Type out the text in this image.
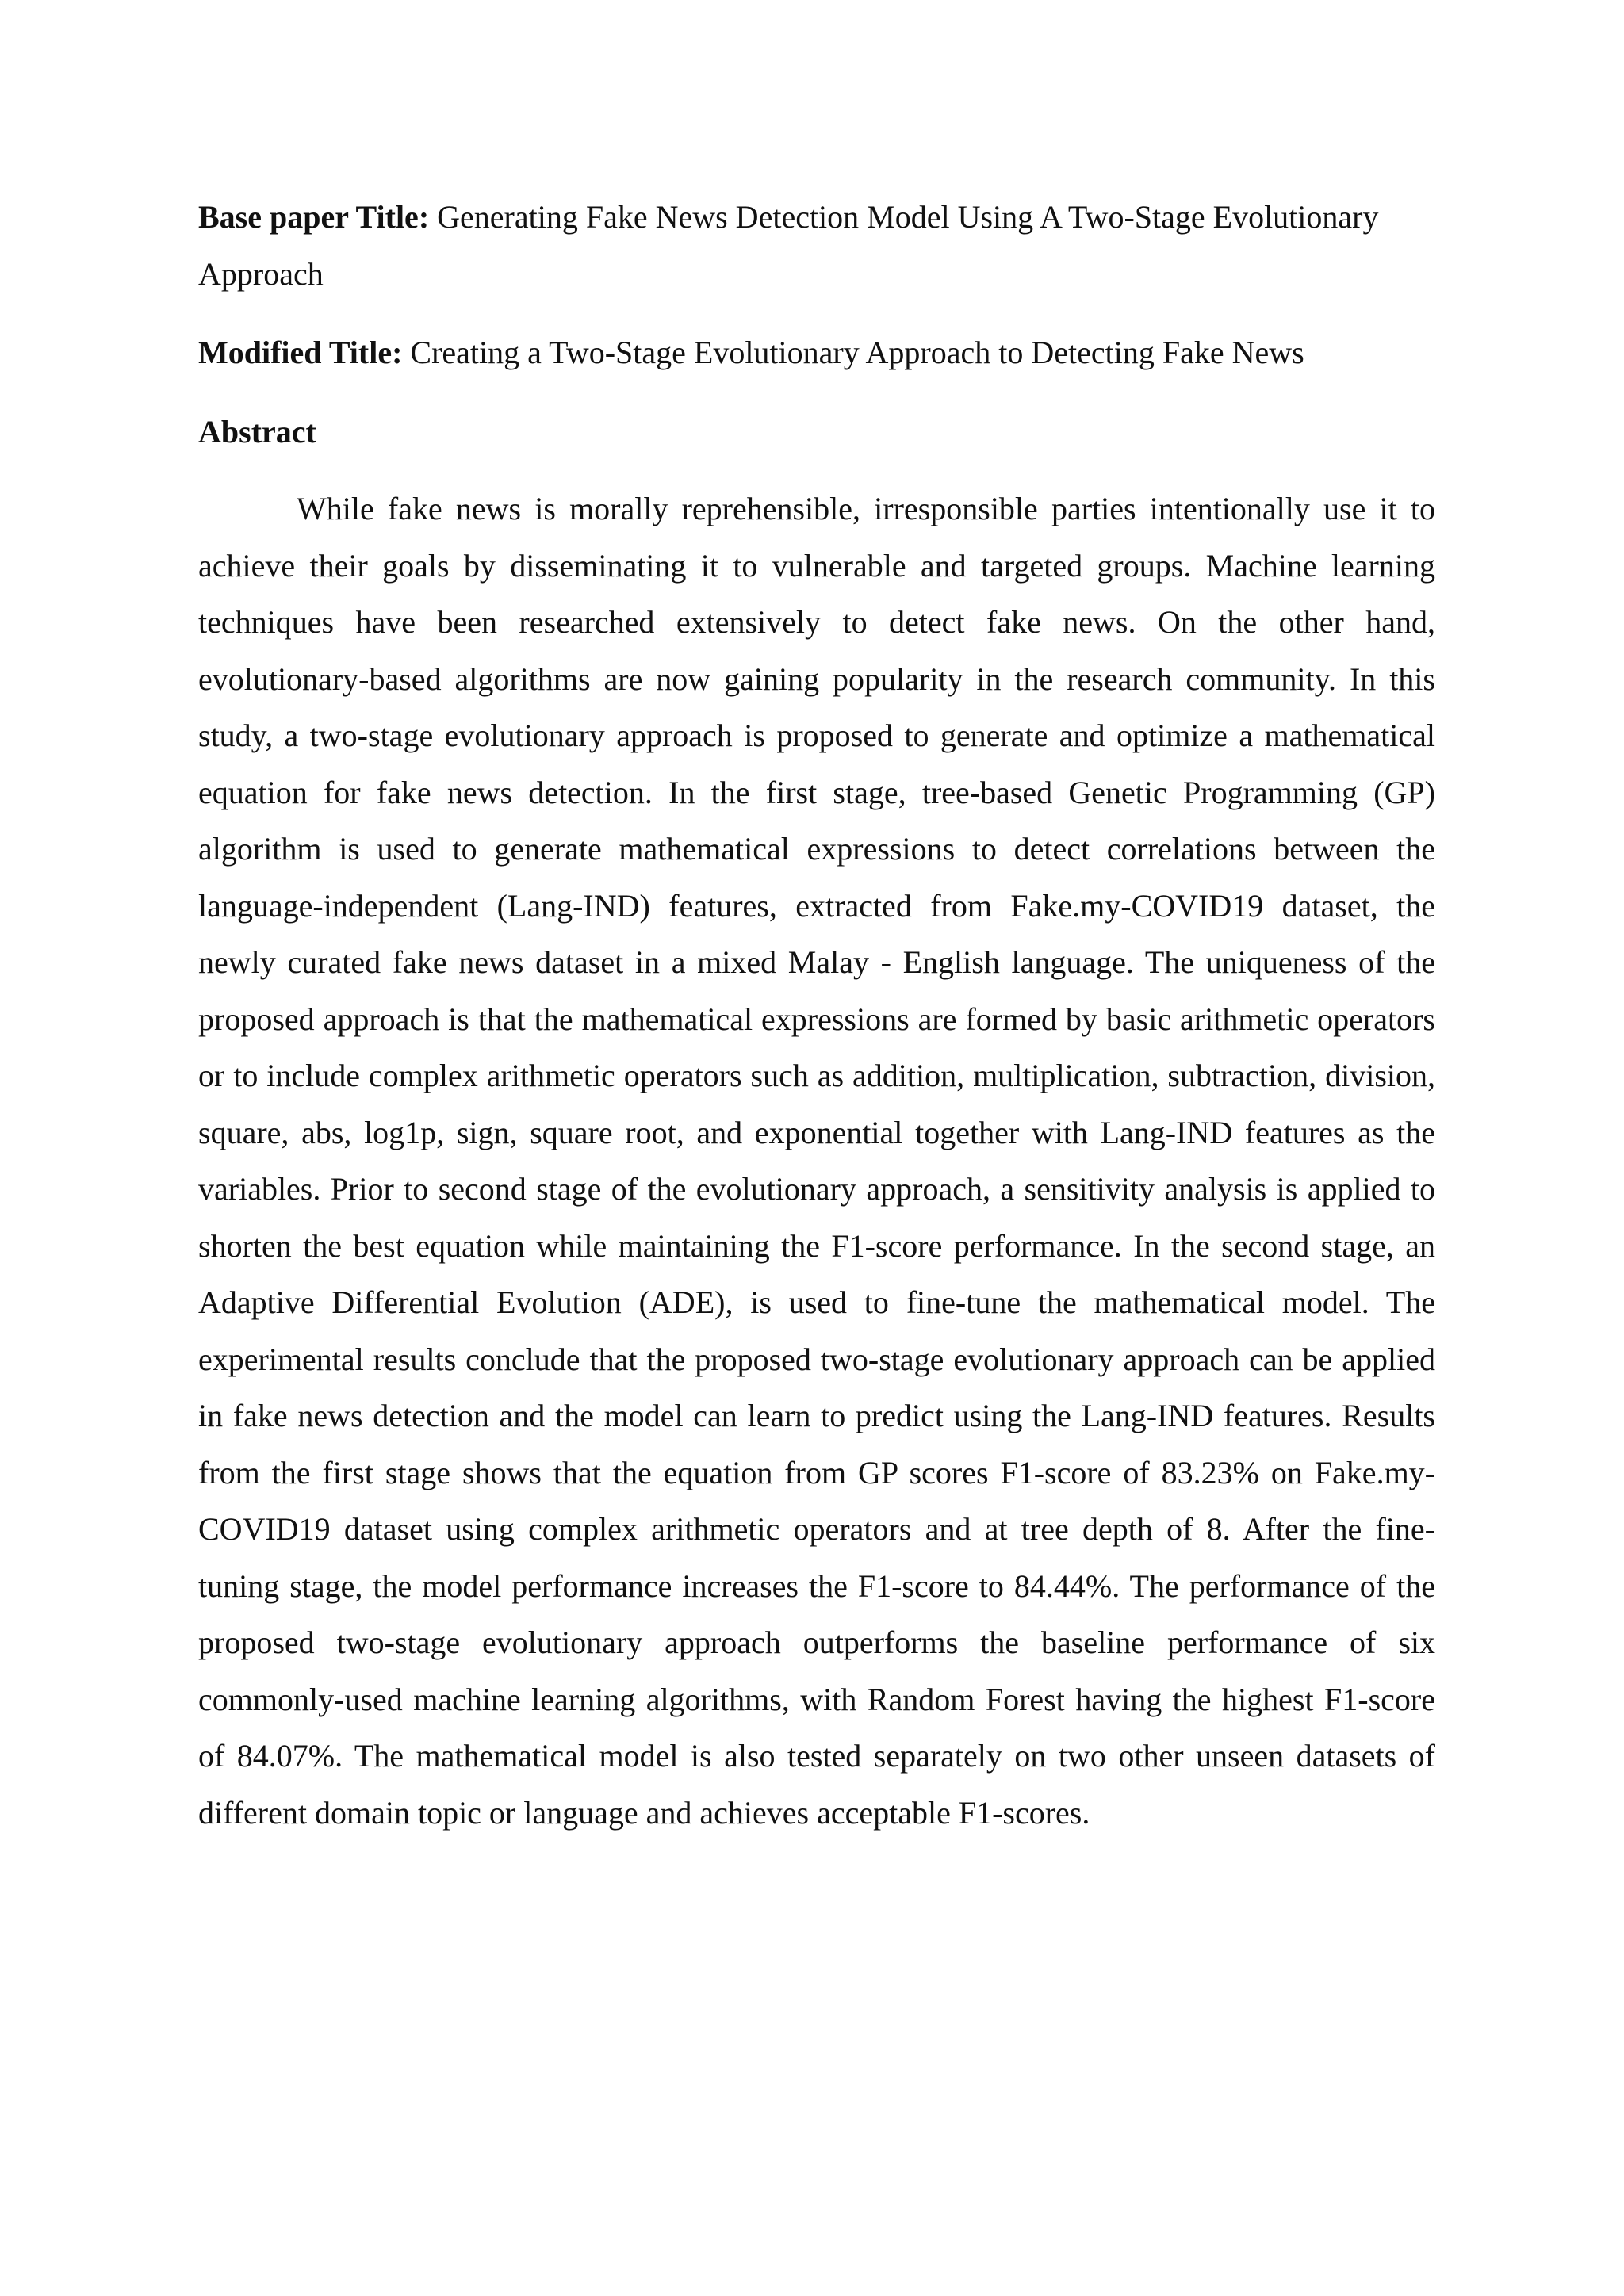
Base paper Title: Generating Fake News Detection Model Using A Two-Stage Evolutionary Approach

Modified Title: Creating a Two-Stage Evolutionary Approach to Detecting Fake News

Abstract

While fake news is morally reprehensible, irresponsible parties intentionally use it to achieve their goals by disseminating it to vulnerable and targeted groups. Machine learning techniques have been researched extensively to detect fake news. On the other hand, evolutionary-based algorithms are now gaining popularity in the research community. In this study, a two-stage evolutionary approach is proposed to generate and optimize a mathematical equation for fake news detection. In the first stage, tree-based Genetic Programming (GP) algorithm is used to generate mathematical expressions to detect correlations between the language-independent (Lang-IND) features, extracted from Fake.my-COVID19 dataset, the newly curated fake news dataset in a mixed Malay - English language. The uniqueness of the proposed approach is that the mathematical expressions are formed by basic arithmetic operators or to include complex arithmetic operators such as addition, multiplication, subtraction, division, square, abs, log1p, sign, square root, and exponential together with Lang-IND features as the variables. Prior to second stage of the evolutionary approach, a sensitivity analysis is applied to shorten the best equation while maintaining the F1-score performance. In the second stage, an Adaptive Differential Evolution (ADE), is used to fine-tune the mathematical model. The experimental results conclude that the proposed two-stage evolutionary approach can be applied in fake news detection and the model can learn to predict using the Lang-IND features. Results from the first stage shows that the equation from GP scores F1-score of 83.23% on Fake.my-COVID19 dataset using complex arithmetic operators and at tree depth of 8. After the fine-tuning stage, the model performance increases the F1-score to 84.44%. The performance of the proposed two-stage evolutionary approach outperforms the baseline performance of six commonly-used machine learning algorithms, with Random Forest having the highest F1-score of 84.07%. The mathematical model is also tested separately on two other unseen datasets of different domain topic or language and achieves acceptable F1-scores.
